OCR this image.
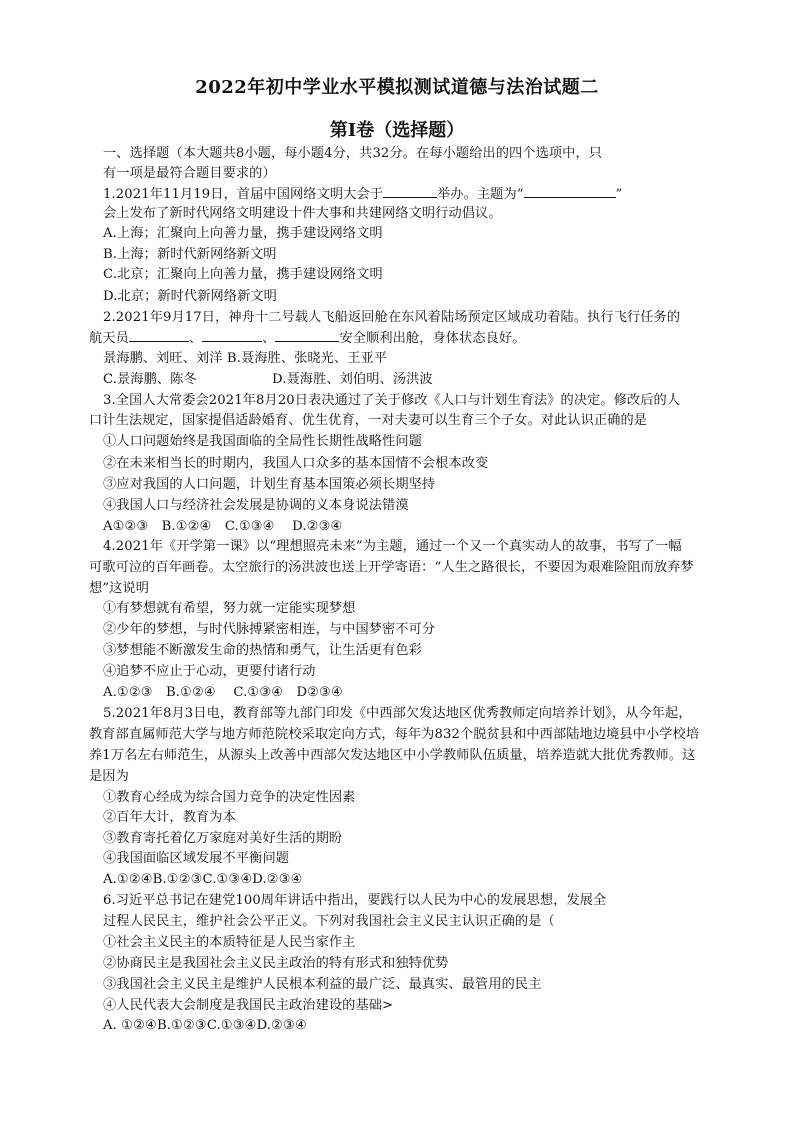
2022年初中学业水平模拟测试道德与法治试题二
第Ⅰ卷（选择题）
一、选择题（本大题共8小题，每小题4分，共32分。在每小题给出的四个选项中，只
有一项是最符合题目要求的）
1.2021年11月19日，首届中国网络文明大会于	举办。主题为“	”
会上发布了新时代网络文明建设十件大事和共建网络文明行动倡议。
A.上海；汇聚向上向善力量，携手建设网络文明
B.上海；新时代新网络新文明
C.北京；汇聚向上向善力量，携手建设网络文明
D.北京；新时代新网络新文明
2.2021年9月17日，神舟十二号载人飞船返回舱在东风着陆场预定区域成功着陆。执行飞行任务的
航天员	、	、	安全顺利出舱，身体状态良好。
景海鹏、刘旺、刘洋 B.聂海胜、张晓光、王亚平
C.景海鹏、陈冬	D.聂海胜、刘伯明、汤洪波
3.全国人大常委会2021年8月20日表决通过了关于修改《人口与计划生育法》的决定。修改后的人
口计生法规定，国家提倡适龄婚育、优生优育，一对夫妻可以生育三个子女。对此认识正确的是
①人口问题始终是我国面临的全局性长期性战略性问题
②在未来相当长的时期内，我国人口众多的基本国情不会根本改变
③应对我国的人口问题，计划生育基本国策必须长期坚持
④我国人口与经济社会发展是协调的义本身说法错漠
A①②③　B.①②④　C.①③④　 D.②③④
4.2021年《开学第一课》以“理想照亮未来”为主题，通过一个又一个真实动人的故事，书写了一幅
可歌可泣的百年画卷。太空旅行的汤洪波也送上开学寄语：“人生之路很长，不要因为艰难险阻而放弃梦
想”这说明
①有梦想就有希望，努力就一定能实现梦想
②少年的梦想，与时代脉搏紧密相连，与中国梦密不可分
③梦想能不断激发生命的热情和勇气，让生活更有色彩
④追梦不应止于心动，更要付诸行动
A.①②③　B.①②④　 C.①③④　D②③④
5.2021年8月3日电，教育部等九部门印发《中西部欠发达地区优秀教师定向培养计划》，从今年起，
教育部直属师范大学与地方师范院校采取定向方式，每年为832个脱贫县和中西部陆地边境县中小学校培
养1万名左右师范生，从源头上改善中西部欠发达地区中小学教师队伍质量，培养造就大批优秀教师。这
是因为
①教育心经成为综合国力竞争的决定性因素
②百年大计，教育为本
③教育寄托着亿万家庭对美好生活的期盼
④我国面临区域发展不平衡问题
A.①②④B.①②③C.①③④D.②③④
6.习近平总书记在建党100周年讲话中指出，要践行以人民为中心的发展思想，发展全
过程人民民主，维护社会公平正义。下列对我国社会主义民主认识正确的是（
①社会主义民主的本质特征是人民当家作主
②协商民主是我国社会主义民主政治的特有形式和独特优势
③我国社会主义民主是维护人民根本利益的最广泛、最真实、最管用的民主
④人民代表大会制度是我国民主政治建设的基础>
A. ①②④B.①②③C.①③④D.②③④
